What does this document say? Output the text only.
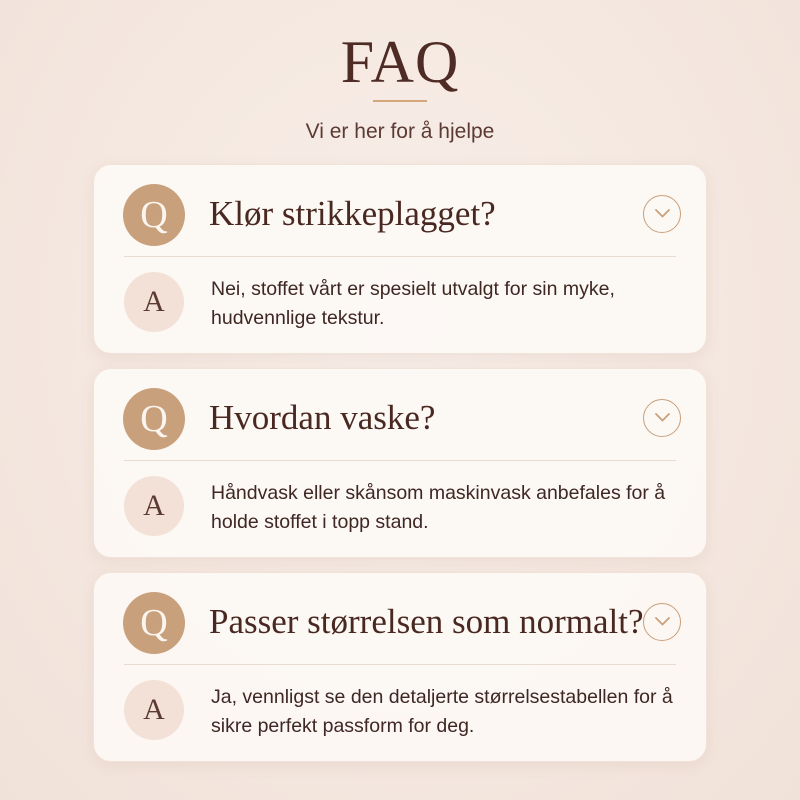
FAQ
Vi er her for å hjelpe
Q	Klør strikkeplagget?
A	Nei, stoffet vårt er spesielt utvalgt for sin myke, hudvennlige tekstur.
Q	Hvordan vaske?
A	Håndvask eller skånsom maskinvask anbefales for å holde stoffet i topp stand.
Q	Passer størrelsen som normalt?
A	Ja, vennligst se den detaljerte størrelsestabellen for å sikre perfekt passform for deg.
